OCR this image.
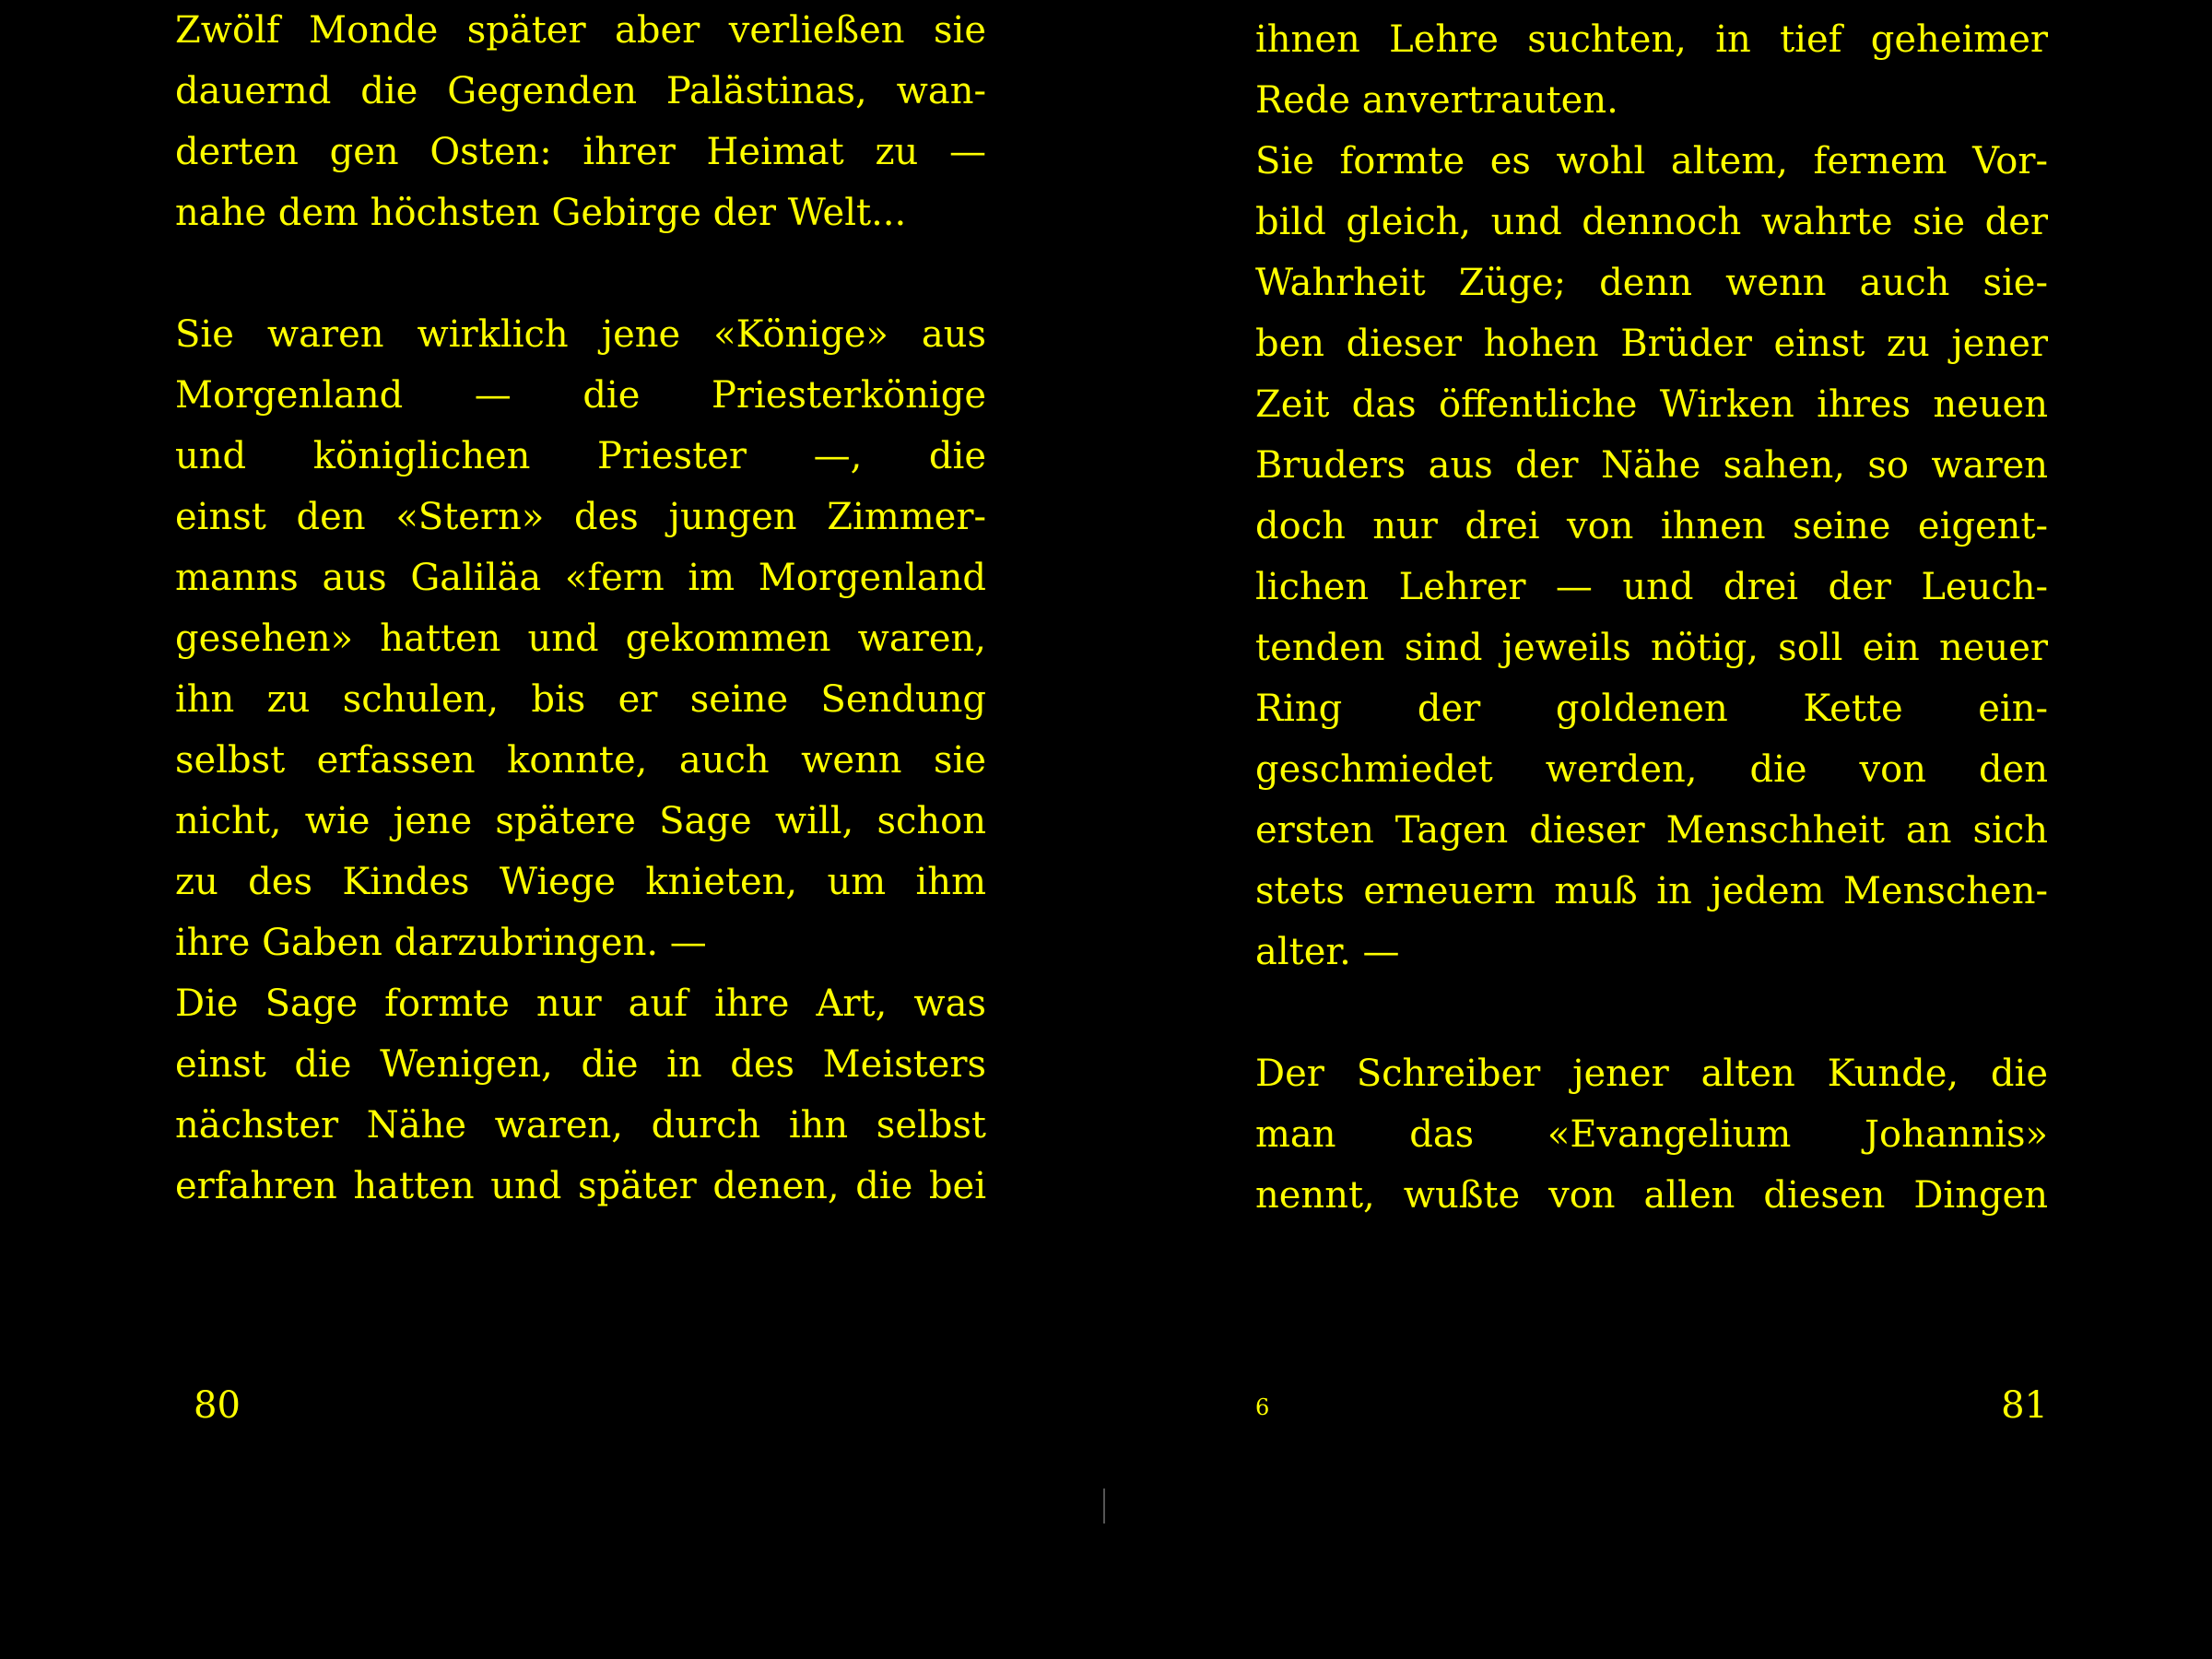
Zwölf Monde später aber verließen sie
dauernd die Gegenden Palästinas, wan-
derten gen Osten: ihrer Heimat zu —
nahe dem höchsten Gebirge der Welt...
Sie waren wirklich jene «Könige» aus
Morgenland — die Priesterkönige
und königlichen Priester —, die
einst den «Stern» des jungen Zimmer-
manns aus Galiläa «fern im Morgenland
gesehen» hatten und gekommen waren,
ihn zu schulen, bis er seine Sendung
selbst erfassen konnte, auch wenn sie
nicht, wie jene spätere Sage will, schon
zu des Kindes Wiege knieten, um ihm
ihre Gaben darzubringen. —
Die Sage formte nur auf ihre Art, was
einst die Wenigen, die in des Meisters
nächster Nähe waren, durch ihn selbst
erfahren hatten und später denen, die bei
80
ihnen Lehre suchten, in tief geheimer
Rede anvertrauten.
Sie formte es wohl altem, fernem Vor-
bild gleich, und dennoch wahrte sie der
Wahrheit Züge; denn wenn auch sie-
ben dieser hohen Brüder einst zu jener
Zeit das öffentliche Wirken ihres neuen
Bruders aus der Nähe sahen, so waren
doch nur drei von ihnen seine eigent-
lichen Lehrer — und drei der Leuch-
tenden sind jeweils nötig, soll ein neuer
Ring der goldenen Kette ein-
geschmiedet werden, die von den
ersten Tagen dieser Menschheit an sich
stets erneuern muß in jedem Menschen-
alter. —
Der Schreiber jener alten Kunde, die
man das «Evangelium Johannis»
nennt, wußte von allen diesen Dingen
6	81
